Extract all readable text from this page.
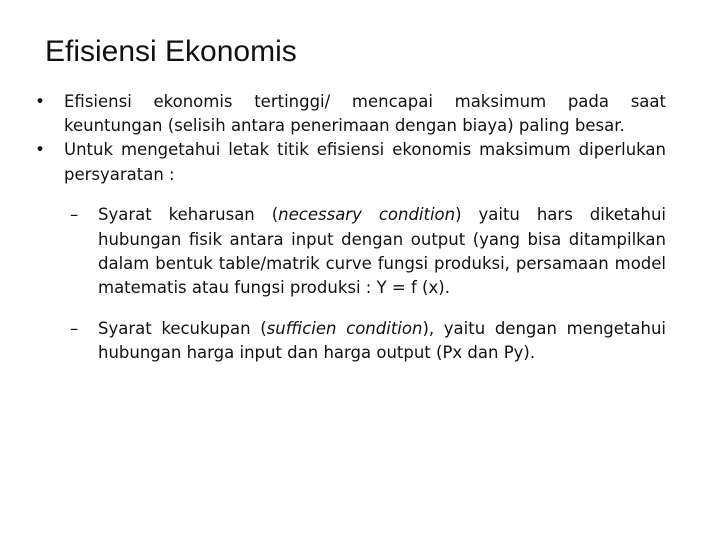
Efisiensi Ekonomis

•	Efisiensi ekonomis tertinggi/ mencapai maksimum pada saat keuntungan (selisih antara penerimaan dengan biaya) paling besar.

•	Untuk mengetahui letak titik efisiensi ekonomis maksimum diperlukan persyaratan :

– Syarat keharusan (necessary condition) yaitu hars diketahui hubungan fisik antara input dengan output (yang bisa ditampilkan dalam bentuk table/matrik curve fungsi produksi, persamaan model matematis atau fungsi produksi : Y = f (x).

– Syarat kecukupan (sufficien condition), yaitu dengan mengetahui hubungan harga input dan harga output (Px dan Py).
